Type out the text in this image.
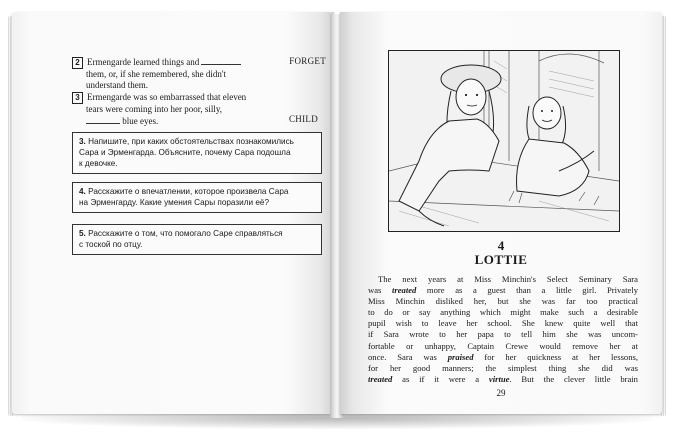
2 Ermengarde learned things and
them, or, if she remembered, she didn't
understand them.
FORGET
3 Ermengarde was so embarrassed that eleven
tears were coming into her poor, silly,
blue eyes.	CHILD
3. Напишите, при каких обстоятельствах познакомились
Сара и Эрменгарда. Объясните, почему Сара подошла
к девочке.
4. Расскажите о впечатлении, которое произвела Сара
на Эрменгарду. Какие умения Сары поразили её?
5. Расскажите о том, что помогало Саре справляться
с тоской по отцу.	4
LOTTIE
The next years at Miss Minchin's Select Seminary Sara
was treated more as a guest than a little girl. Privately
Miss Minchin disliked her, but she was far too practical
to do or say anything which might make such a desirable
pupil wish to leave her school. She knew quite well that
if Sara wrote to her papa to tell him she was uncom-
fortable or unhappy, Captain Crewe would remove her at
once. Sara was praised for her quickness at her lessons,
for her good manners; the simplest thing she did was
treated as if it were a virtue. But the clever little brain
29
